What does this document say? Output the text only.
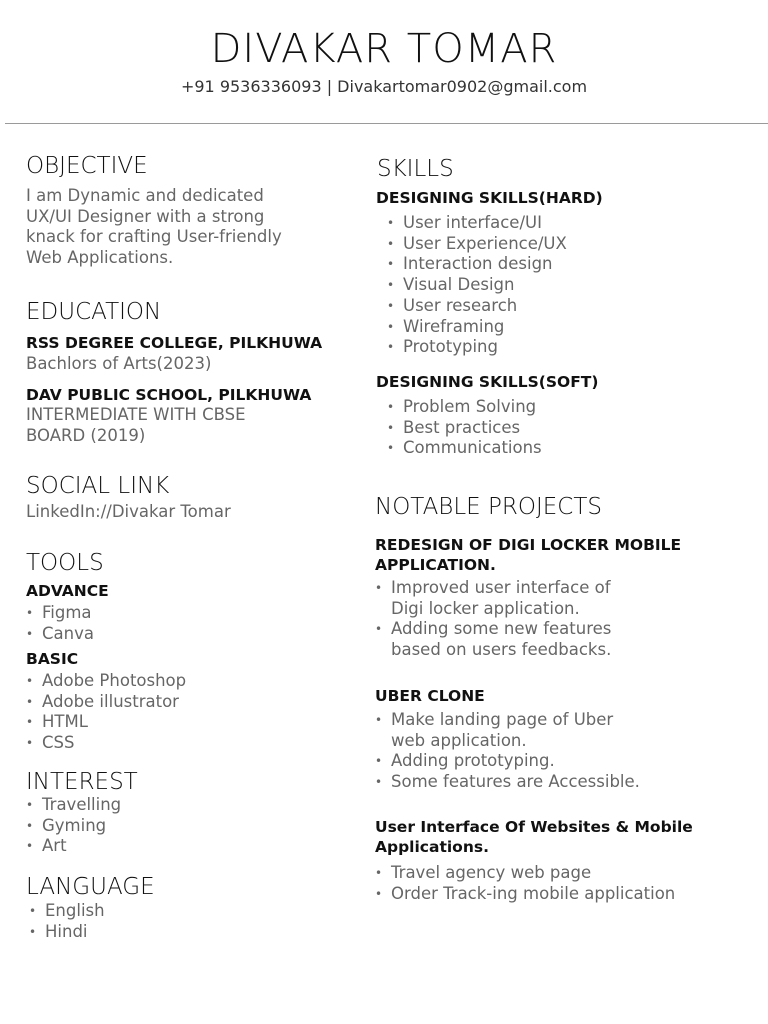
DIVAKAR TOMAR
+91 9536336093 | Divakartomar0902@gmail.com
OBJECTIVE
I am Dynamic and dedicated
UX/UI Designer with a strong
knack for crafting User-friendly
Web Applications.
EDUCATION
RSS DEGREE COLLEGE, PILKHUWA
Bachlors of Arts(2023)
DAV PUBLIC SCHOOL, PILKHUWA
INTERMEDIATE WITH CBSE
BOARD (2019)
SOCIAL LINK
LinkedIn://Divakar Tomar
TOOLS
ADVANCE
• Figma
• Canva
BASIC
• Adobe Photoshop
• Adobe illustrator
• HTML
• CSS
INTEREST
• Travelling
• Gyming
• Art
LANGUAGE
• English
• Hindi
SKILLS
DESIGNING SKILLS(HARD)
• User interface/UI
• User Experience/UX
• Interaction design
• Visual Design
• User research
• Wireframing
• Prototyping
DESIGNING SKILLS(SOFT)
• Problem Solving
• Best practices
• Communications
NOTABLE PROJECTS
REDESIGN OF DIGI LOCKER MOBILE
APPLICATION.
• Improved user interface of
Digi locker application.
• Adding some new features
based on users feedbacks.
UBER CLONE
• Make landing page of Uber
web application.
• Adding prototyping.
• Some features are Accessible.
User Interface Of Websites & Mobile
Applications.
• Travel agency web page
• Order Track-ing mobile application
